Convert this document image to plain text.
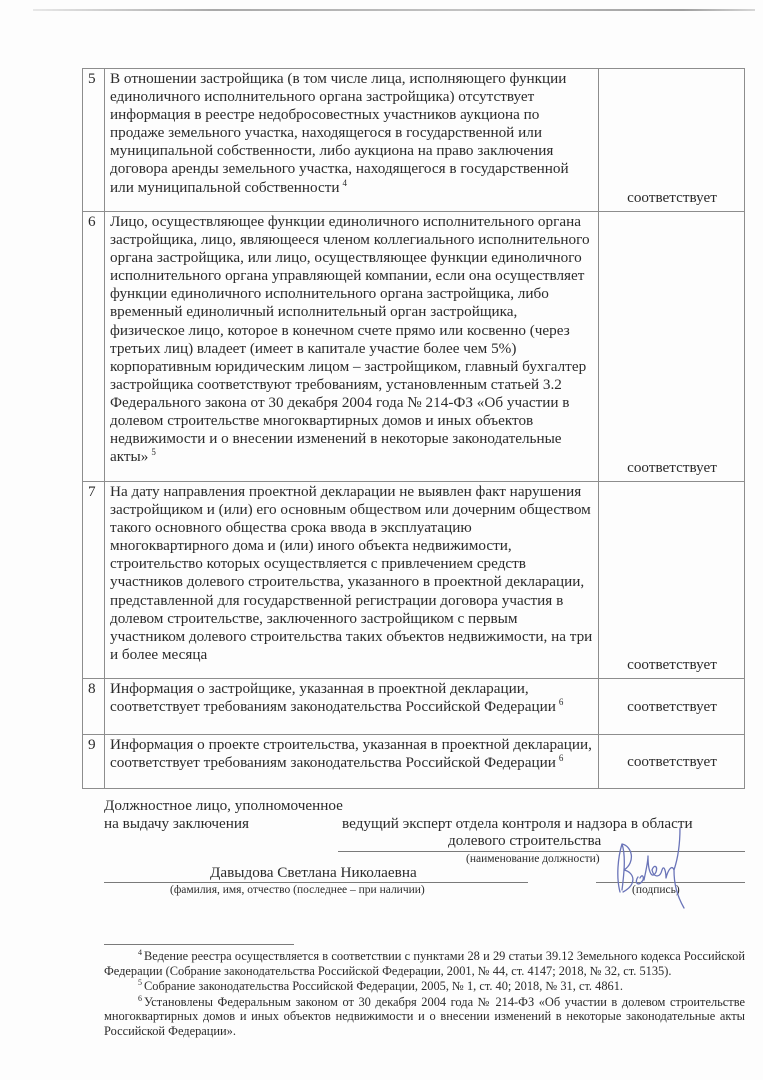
5	В отношении застройщика (в том числе лица, исполняющего функции единоличного исполнительного органа застройщика) отсутствует информация в реестре недобросовестных участников аукциона по продаже земельного участка, находящегося в государственной или муниципальной собственности, либо аукциона на право заключения договора аренды земельного участка, находящегося в государственной или муниципальной собственности $^4$	соответствует
6	Лицо, осуществляющее функции единоличного исполнительного органа застройщика, лицо, являющееся членом коллегиального исполнительного органа застройщика, или лицо, осуществляющее функции единоличного исполнительного органа управляющей компании, если она осуществляет функции единоличного исполнительного органа застройщика, либо временный единоличный исполнительный орган застройщика, физическое лицо, которое в конечном счете прямо или косвенно (через третьих лиц) владеет (имеет в капитале участие более чем 5%) корпоративным юридическим лицом – застройщиком, главный бухгалтер застройщика соответствуют требованиям, установленным статьей 3.2 Федерального закона от 30 декабря 2004 года № 214-ФЗ «Об участии в долевом строительстве многоквартирных домов и иных объектов недвижимости и о внесении изменений в некоторые законодательные акты» $^5$	соответствует
7	На дату направления проектной декларации не выявлен факт нарушения застройщиком и (или) его основным обществом или дочерним обществом такого основного общества срока ввода в эксплуатацию многоквартирного дома и (или) иного объекта недвижимости, строительство которых осуществляется с привлечением средств участников долевого строительства, указанного в проектной декларации, представленной для государственной регистрации договора участия в долевом строительстве, заключенного застройщиком с первым участником долевого строительства таких объектов недвижимости, на три и более месяца	соответствует
8	Информация о застройщике, указанная в проектной декларации, соответствует требованиям законодательства Российской Федерации $^6$	соответствует
9	Информация о проекте строительства, указанная в проектной декларации, соответствует требованиям законодательства Российской Федерации $^6$	соответствует
Должностное лицо, уполномоченное
на выдачу заключения	ведущий эксперт отдела контроля и надзора в области
долевого строительства
(наименование должности)
Давыдова Светлана Николаевна
(фамилия, имя, отчество (последнее – при наличии)	(подпись)

$^4$ Ведение реестра осуществляется в соответствии с пунктами 28 и 29 статьи 39.12 Земельного кодекса Российской Федерации (Собрание законодательства Российской Федерации, 2001, № 44, ст. 4147; 2018, № 32, ст. 5135).

$^5$ Собрание законодательства Российской Федерации, 2005, № 1, ст. 40; 2018, № 31, ст. 4861.

$^6$ Установлены Федеральным законом от 30 декабря 2004 года № 214-ФЗ «Об участии в долевом строительстве многоквартирных домов и иных объектов недвижимости и о внесении изменений в некоторые законодательные акты Российской Федерации».
